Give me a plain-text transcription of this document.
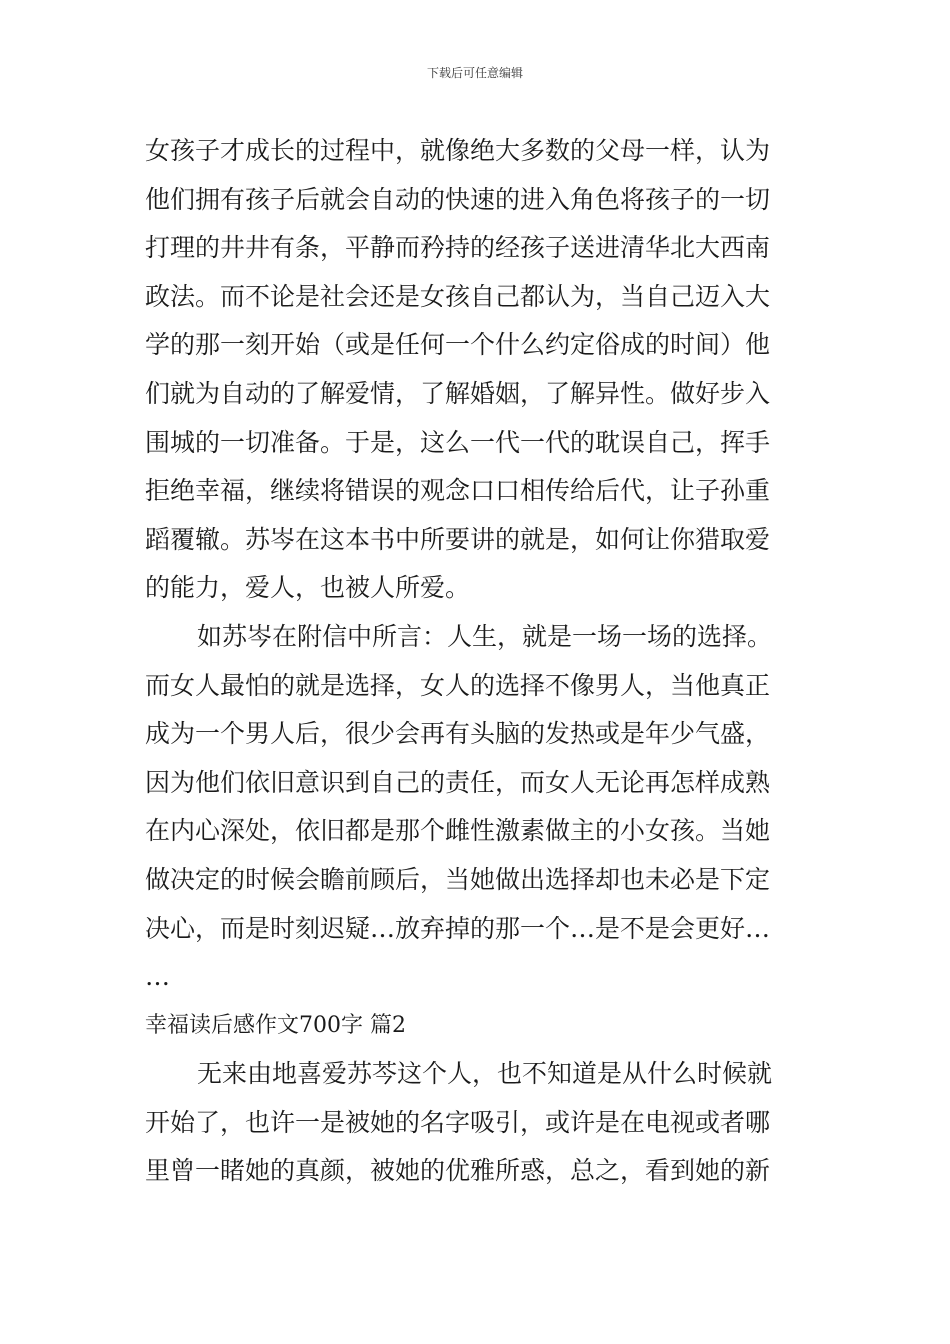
下载后可任意编辑
女孩子才成长的过程中，就像绝大多数的父母一样，认为
他们拥有孩子后就会自动的快速的进入角色将孩子的一切
打理的井井有条，平静而矜持的经孩子送进清华北大西南
政法。而不论是社会还是女孩自己都认为，当自己迈入大
学的那一刻开始（或是任何一个什么约定俗成的时间）他
们就为自动的了解爱情，了解婚姻，了解异性。做好步入
围城的一切准备。于是，这么一代一代的耽误自己，挥手
拒绝幸福，继续将错误的观念口口相传给后代，让子孙重
蹈覆辙。苏岑在这本书中所要讲的就是，如何让你猎取爱
的能力，爱人，也被人所爱。
如苏岑在附信中所言：人生，就是一场一场的选择。
而女人最怕的就是选择，女人的选择不像男人，当他真正
成为一个男人后，很少会再有头脑的发热或是年少气盛，
因为他们依旧意识到自己的责任，而女人无论再怎样成熟
在内心深处，依旧都是那个雌性激素做主的小女孩。当她
做决定的时候会瞻前顾后，当她做出选择却也未必是下定
决心，而是时刻迟疑…放弃掉的那一个…是不是会更好…
…
幸福读后感作文700字 篇2
无来由地喜爱苏芩这个人，也不知道是从什么时候就
开始了，也许一是被她的名字吸引，或许是在电视或者哪
里曾一睹她的真颜，被她的优雅所惑，总之，看到她的新
